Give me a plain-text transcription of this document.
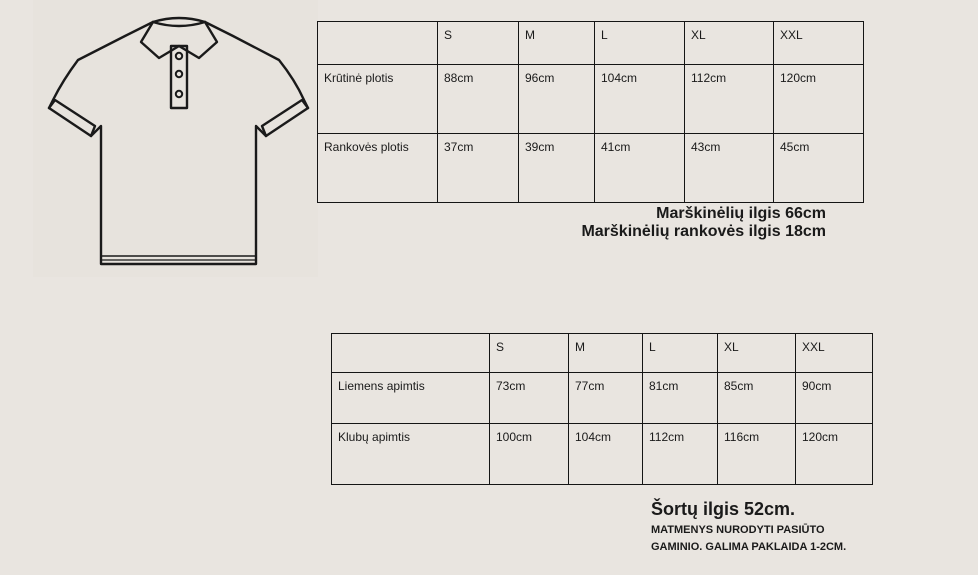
	S	M	L	XL	XXL
Krūtinė plotis	88cm	96cm	104cm	112cm	120cm
Rankovės plotis	37cm	39cm	41cm	43cm	45cm
Marškinėlių ilgis 66cm
Marškinėlių rankovės ilgis 18cm
	S	M	L	XL	XXL
Liemens apimtis	73cm	77cm	81cm	85cm	90cm
Klubų apimtis	100cm	104cm	112cm	116cm	120cm
Šortų ilgis 52cm.
MATMENYS NURODYTI PASIŪTO
GAMINIO. GALIMA PAKLAIDA 1-2CM.
